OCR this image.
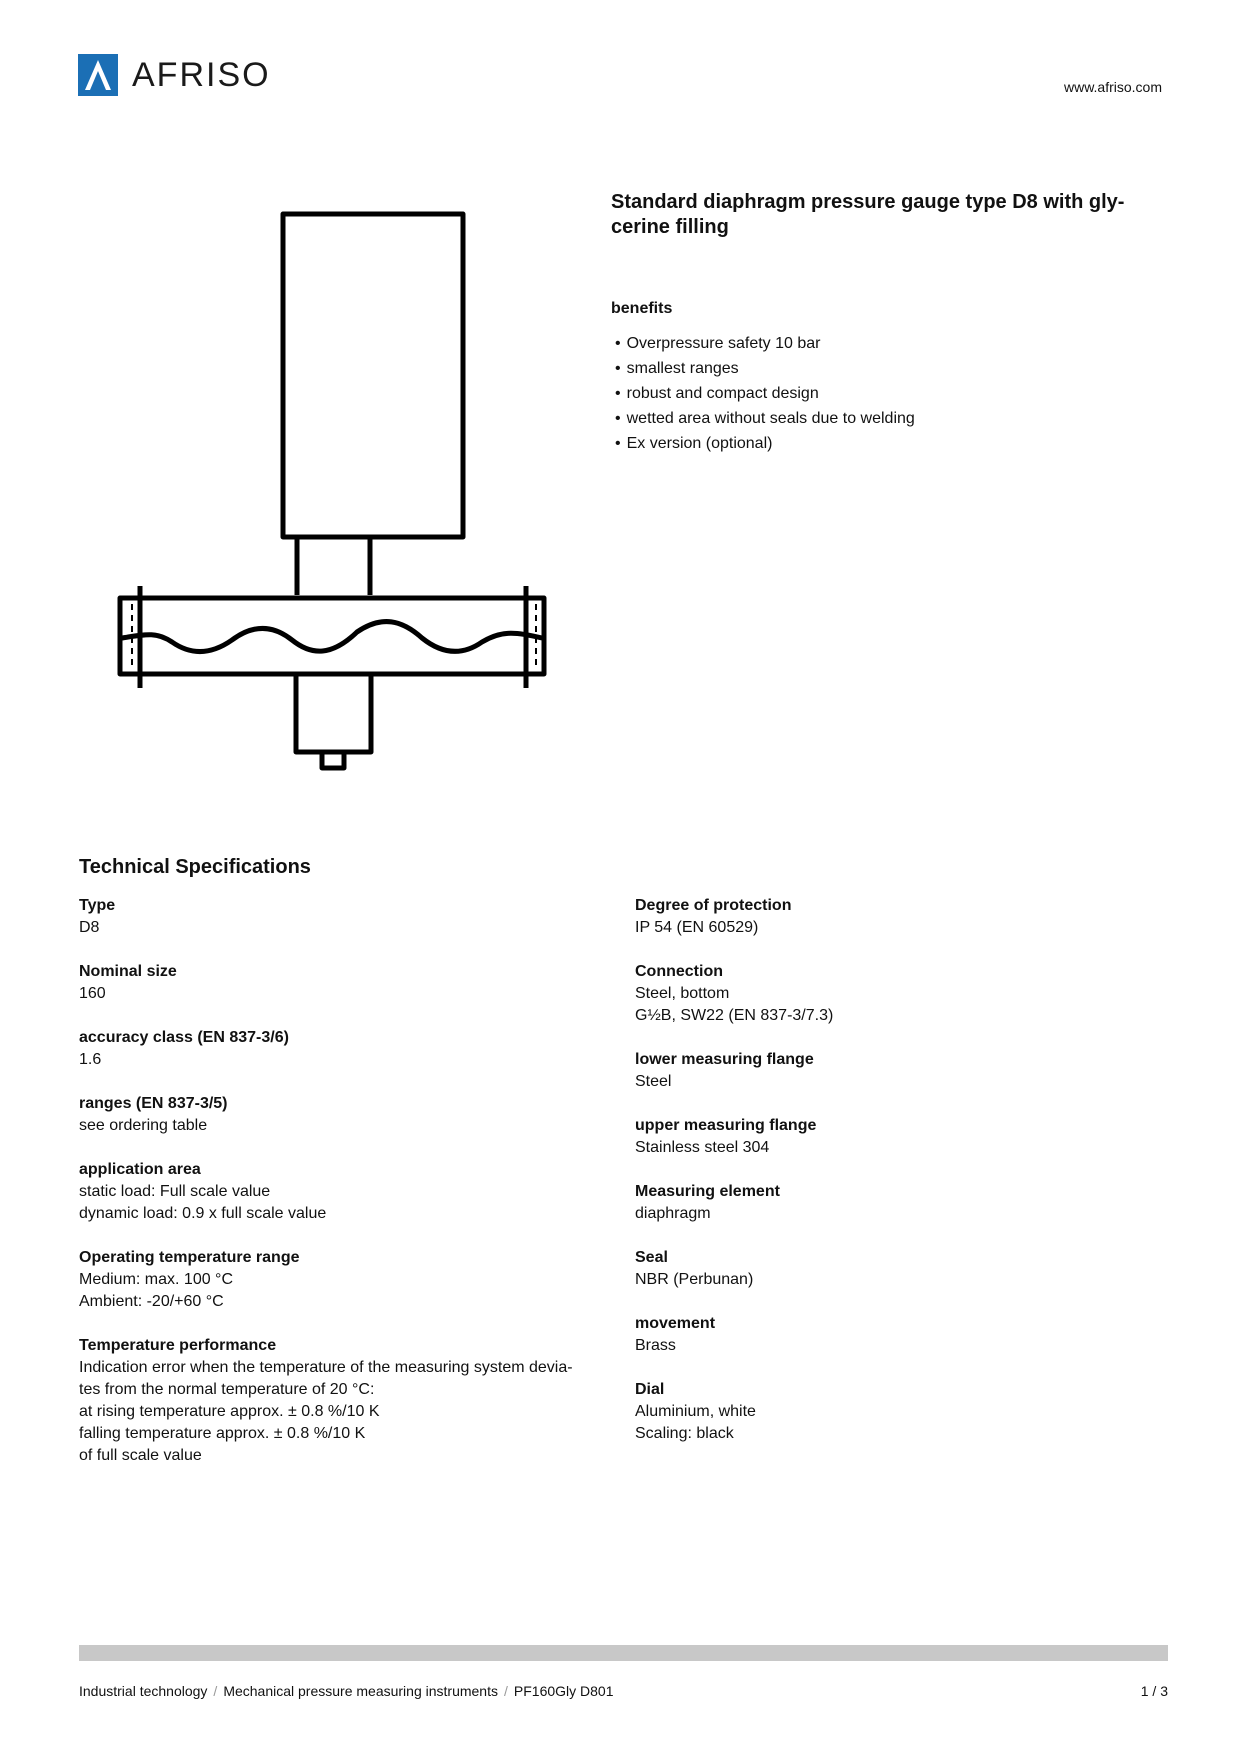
AFRISO	www.afriso.com
Standard diaphragm pressure gauge type D8 with gly-
cerine filling
benefits
• Overpressure safety 10 bar
• smallest ranges
• robust and compact design
• wetted area without seals due to welding
• Ex version (optional)
Technical Specifications
Type
D8
Nominal size
160
accuracy class (EN 837-3/6)
1.6
ranges (EN 837-3/5)
see ordering table
application area
static load: Full scale value
dynamic load: 0.9 x full scale value
Operating temperature range
Medium: max. 100 °C
Ambient: -20/+60 °C
Temperature performance
Indication error when the temperature of the measuring system devia-
tes from the normal temperature of 20 °C:
at rising temperature approx. ± 0.8 %/10 K
falling temperature approx. ± 0.8 %/10 K
of full scale value
Degree of protection
IP 54 (EN 60529)
Connection
Steel, bottom
G½B, SW22 (EN 837-3/7.3)
lower measuring flange
Steel
upper measuring flange
Stainless steel 304
Measuring element
diaphragm
Seal
NBR (Perbunan)
movement
Brass
Dial
Aluminium, white
Scaling: black
Industrial technology / Mechanical pressure measuring instruments / PF160Gly D801	1 / 3
